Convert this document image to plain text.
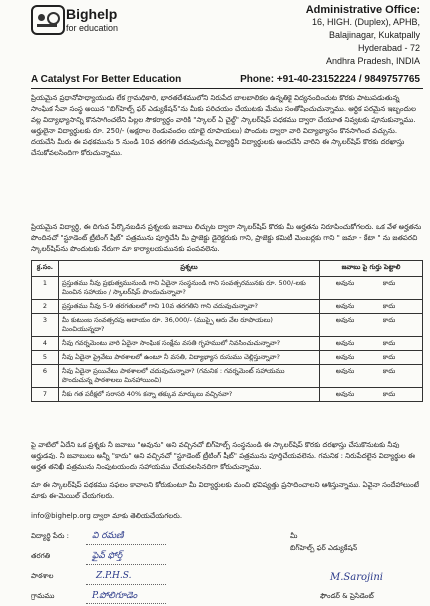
Bighelp
for education
A Catalyst For Better Education
Administrative Office:
16, HIGH. (Duplex), APHB,
Balajinagar, Kukatpally
Hyderabad - 72
Andhra Pradesh, INDIA
Phone: +91-40-23152224 / 9849757765
ప్రియమైన ప్రధానోపాధ్యాయుడు లేక గ్రామధికారి, భారతదేశములోని నిరుపేద బాలబాలికల ఉన్నతికై విద్యనందించుట కొరకు పాటుపడుతున్న సాంఘిక సేవా సంస్థ అయిన "బిగ్‌హెల్ప్ ఫర్ ఎడ్యుకేషన్"ను మీకు పరిచయం చేయుటకు మేము సంతోషించుచున్నాము. ఆర్థిక పరమైన ఇబ్బందుల వల్ల విద్యాభ్యాసాన్ని కొనసాగించలేని పిల్లల సౌకర్యార్థం వారికి "స్కాలర్ ఏ చైల్డ్" స్కాలర్‌షిప్ పధకము ద్వారా చేయూత నివ్వటకు పూనుకున్నాము. అర్హులైనా విద్యార్థులకు రూ. 250/- (అక్షరాల రెండువందల యాభై రూపాయలు) పొందుట ద్వారా వారి విద్యాభ్యాసం కొనసాగించ వచ్చును. దయచేసి మీరు ఈ పథకమును 5 నుండి 10వ తరగతి చదువుచున్న విద్యార్థినీ విద్యార్థులకు అందచేసి వారిని ఈ స్కాలర్‌షిప్ కొరకు దరఖాస్తు చేసుకోవలసిందిగా కోరుచున్నాము.
ప్రియమైన విద్యార్థి, ఈ దిగువ పేర్కొనబడిన ప్రశ్నలకు జవాబు లిచ్చుట ద్వారా స్కాలర్‌షిప్ కొరకు మీ అర్హతను నిరూపించుకోగలరు. ఒక వేళ అర్హతను పొందినచో "స్టూడెంట్ ట్రీటింగ్ షీట్" పత్రమును పూర్తిచేసి మీ ప్రాజెక్టు డైరెక్టరుకు గాని, ప్రాజెక్టు కమిటీ మెంబర్లకు గాని " జమా - కేటా " ను జతపరచి స్కాలర్‌షిప్‌ను పొందుటకు నేరుగా మా కార్యాలయమునకు పంపవలెను.
క్ర.సం.	ప్రశ్నలు	జవాబు పై గుర్తు పెట్టాలి
1	ప్రస్తుతము నీవు ప్రభుత్వమునుండి గాని ఏదైనా సంస్థనుండి గాని సంవత్సరమునకు రూ. 500/-లకు మించిన సహాయం / స్కాలర్‌షిప్ పొందుచున్నావా?	అవును కాదు
2	ప్రస్తుతము నీవు 5-9 తరగతులలో గాని 10వ తరగతిని గాని చదువుచున్నావా?	అవును కాదు
3	మీ కుటుంబ సంవత్సరపు ఆదాయం రూ. 36,000/- (ముప్పై ఆరు వేల రూపాయలు) మించియున్నదా?	అవును కాదు
4	నీవు గవర్నమెంటు వారి ఏదైనా సాంఘిక సంక్షేమ వసతి గృహములో నివసించుచున్నావా?	అవును కాదు
5	నీవు ఏదైనా ప్రైవేటు పాఠశాలలో ఉంటూ నీ వసతి, విద్యాభ్యాస రుసుము చెల్లిస్తున్నావా?	అవును కాదు
6	నీవు ఏదైనా ప్రయివేటు పాఠశాలలో చదువుచున్నావా? (గమనిక : గవర్నమెంట్ సహాయము పొందుచున్న పాఠశాలలు మినహాయించి)	అవును కాదు
7	నీకు గత పరీక్షలో సరాసరి 40% కన్నా తక్కువ మార్కులు వచ్చినవా?	అవును కాదు
పై వాటిలో ఏదేని ఒక ప్రశ్నకు నీ జవాబు "అవును" అని వచ్చినచో బిగ్‌హెల్ప్ సంస్థనుండి ఈ స్కాలర్‌షిప్ కొరకు దరఖాస్తు చేసుకొనుటకు నీవు అర్హుడవు. నీ జవాబులు అన్నీ "కాదు" అని వచ్చినచో "స్టూడెంట్ ట్రీటింగ్ షీట్" పత్రమును పూర్తిచేయవలెను. గమనిక : నిరుపేదలైన విద్యార్థుల ఈ అర్హత తనిఖీ పత్రమును నింపుటయందు సహాయము చేయవలసినదిగా కోరుచున్నాము.
మా ఈ స్కాలర్‌షిప్ పథకము సఫలం కావాలని కోరుకుంటూ మీ విద్యార్థులకు మంచి భవిష్యత్తు ప్రసాదించాలని ఆశిస్తున్నాము. ఏవైనా సందేహాలుంటే మాకు ఈ-మెయిల్ చేయగలరు.
info@bighelp.org ద్వారా మాకు తెలియచేయగలరు.
విద్యార్థి పేరు :	వి రమణి
తరగతి	ఫైవ్ ఫోర్త్
పాఠశాల	Z.P.H.S.
గ్రామము	P.పోలిగూడెం
మీ
బిగ్‌హెల్ప్ ఫర్ ఎడ్యుకేషన్
M.Sarojini
ఫౌండర్ & ప్రెసిడెంట్
